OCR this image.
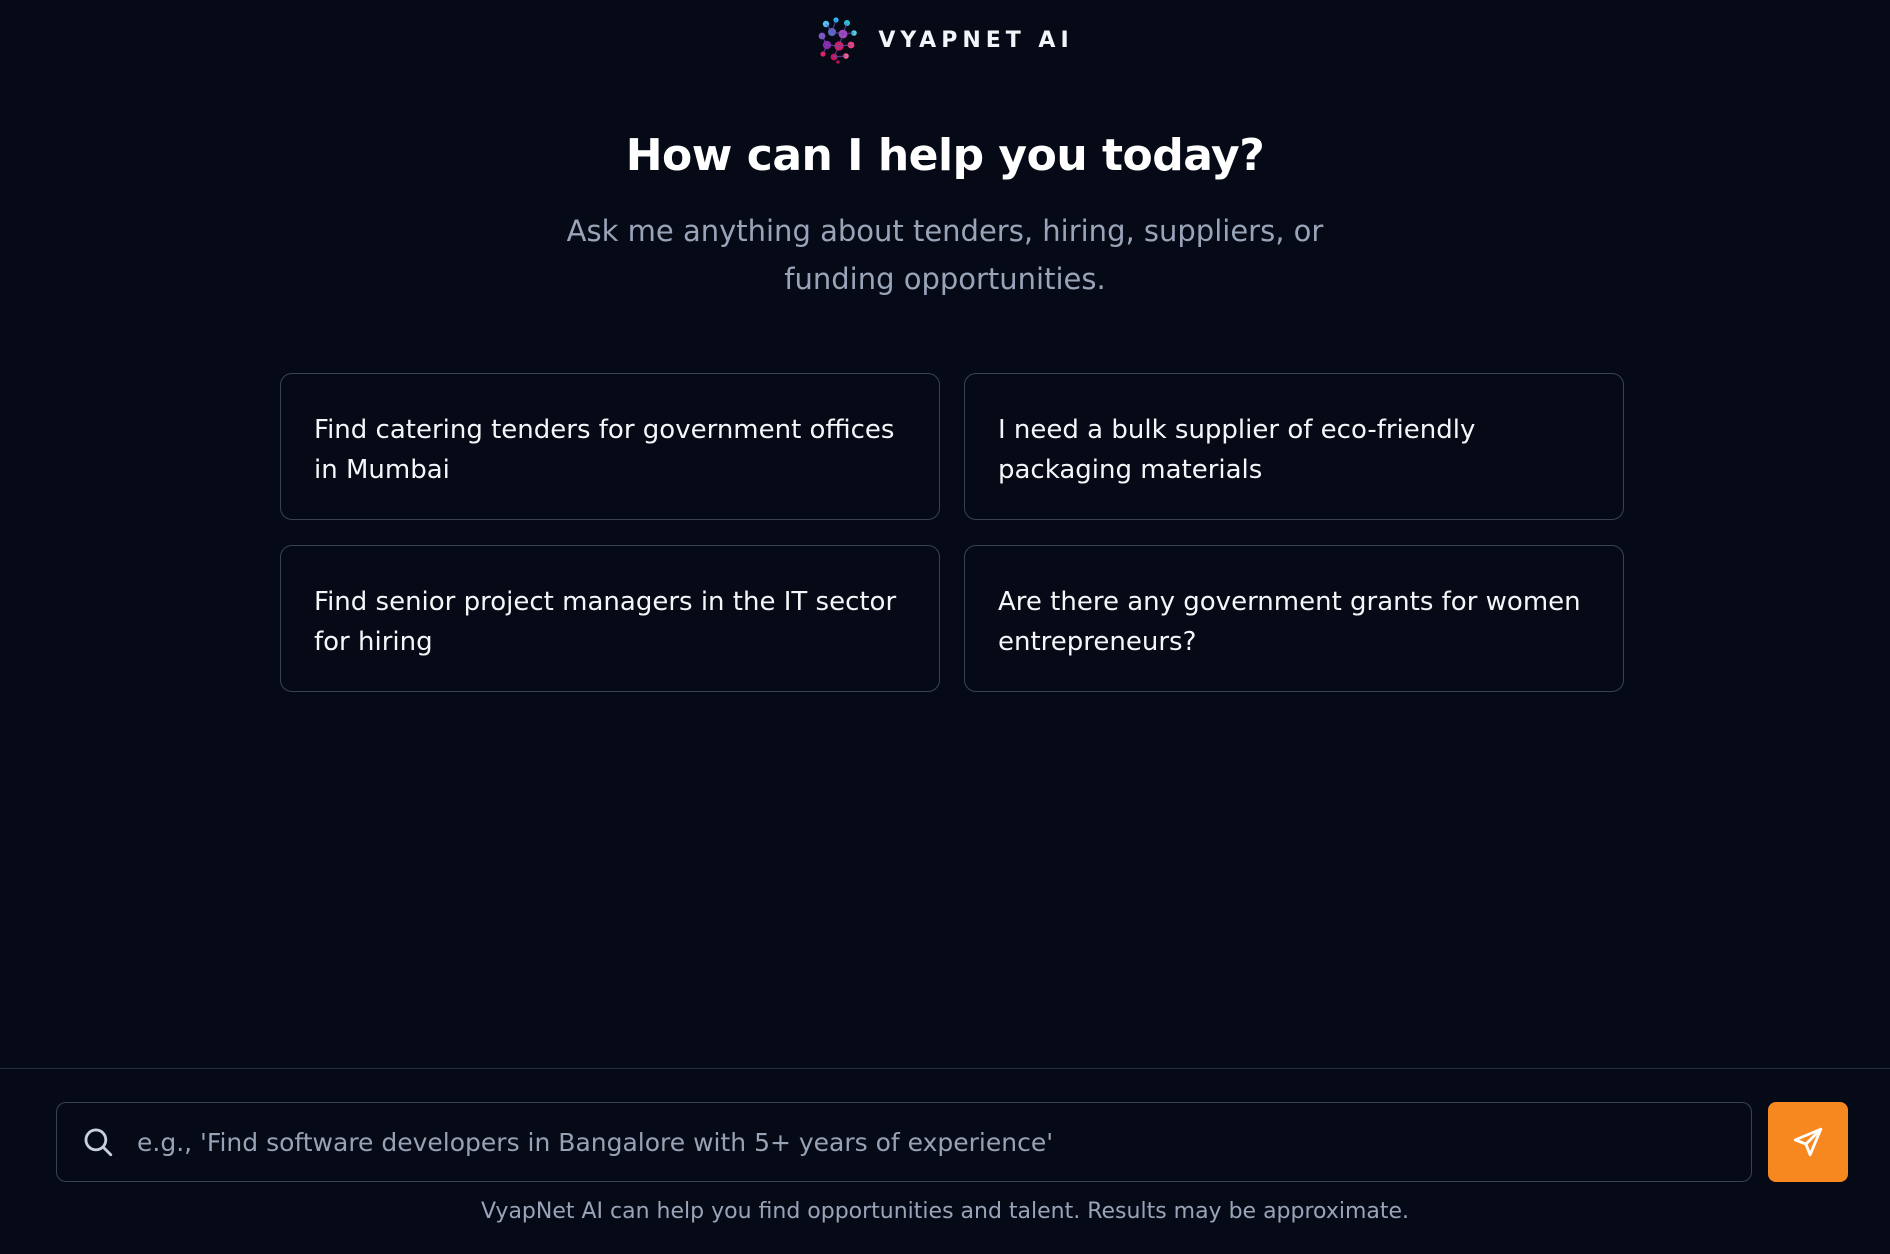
VYAPNET AI
How can I help you today?

Ask me anything about tenders, hiring, suppliers, or funding opportunities.

Find catering tenders for government offices in Mumbai
I need a bulk supplier of eco-friendly packaging materials
Find senior project managers in the IT sector for hiring
Are there any government grants for women entrepreneurs?
e.g., 'Find software developers in Bangalore with 5+ years of experience'

VyapNet AI can help you find opportunities and talent. Results may be approximate.
